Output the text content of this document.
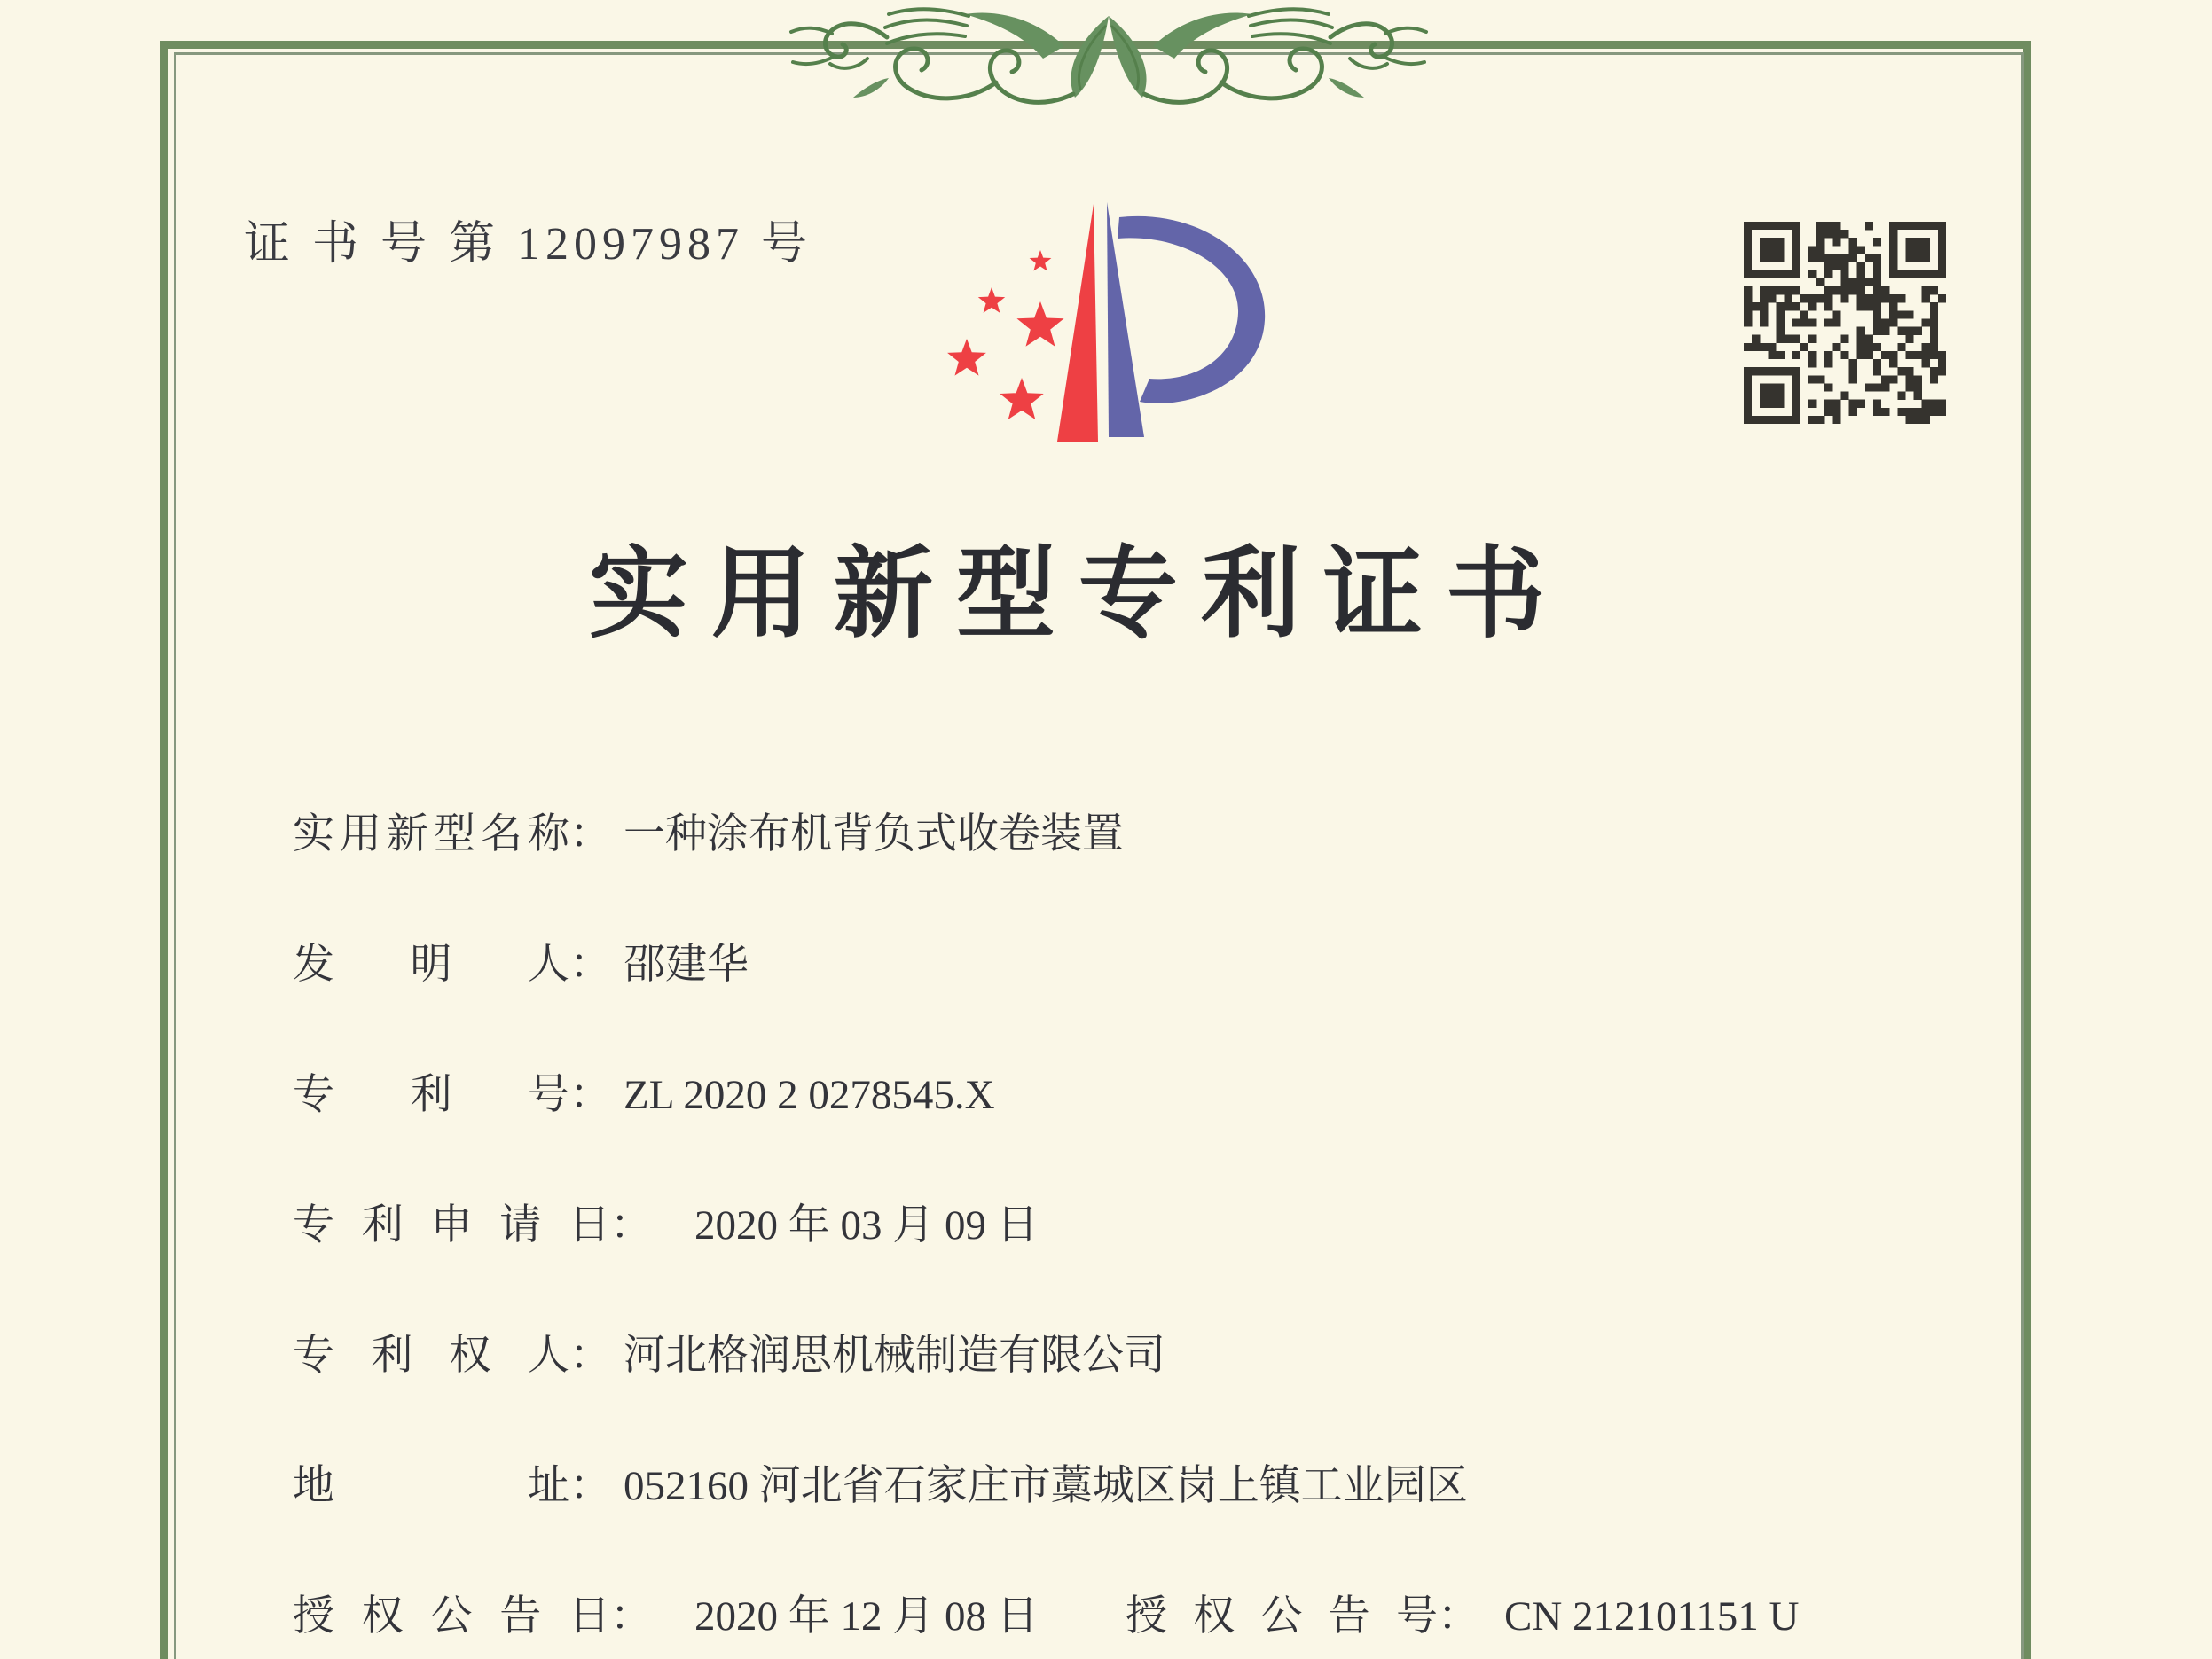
证 书 号 第 12097987 号
实用新型专利证书
实用新型名称： 一种涂布机背负式收卷装置
发明人： 邵建华
专利号： ZL 2020 2 0278545.X
专利申请日： 2020 年 03 月 09 日
专利权人： 河北格润思机械制造有限公司
地址： 052160 河北省石家庄市藁城区岗上镇工业园区
授权公告日： 2020 年 12 月 08 日 授权公告号： CN 212101151 U
